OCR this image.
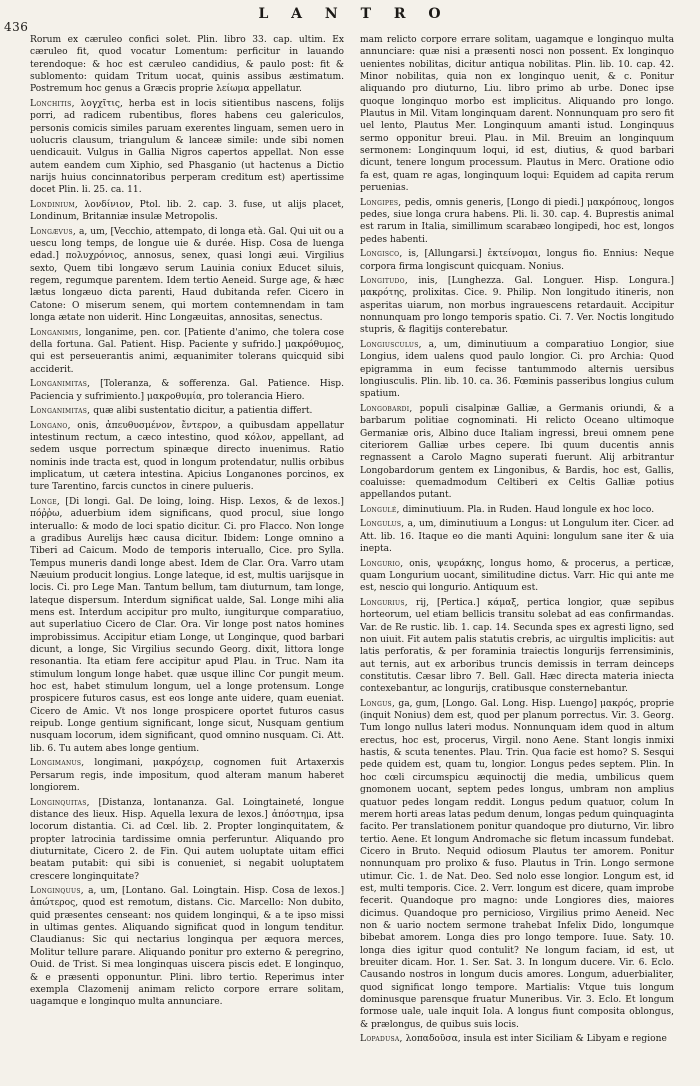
L A N T R O
436

Rorum ex cæruleo confici solet. Plin. libro 33. cap. ultim. Ex cæruleo fit, quod vocatur Lomentum: perficitur in lauando terendoque: & hoc est cæruleo candidius, & paulo post: fit & sublomento: quidam Tritum uocat, quinis assibus æstimatum. Postremum hoc genus a Græcis proprie λείωμα appellatur.

Lonchitis, λογχῖτις, herba est in locis sitientibus nascens, folijs porri, ad radicem rubentibus, flores habens ceu galericulos, personis comicis similes paruam exerentes linguam, semen uero in uolucris clausum, triangulum & lanceæ simile: unde sibi nomen uendicauit. Vulgus in Gallia Nigros capertos appellat. Non esse autem eandem cum Xiphio, sed Phasganio (ut hactenus a Dictio narijs huius concinnatoribus perperam creditum est) apertissime docet Plin. li. 25. ca. 11.

Londinium, λονδίνιον, Ptol. lib. 2. cap. 3. fuse, ut alijs placet, Londinum, Britanniæ insulæ Metropolis.

Longævus, a, um, [Vecchio, attempato, di longa età. Gal. Qui uit ou a uescu long temps, de longue uie & durée. Hisp. Cosa de luenga edad.] πολυχρόνιος, annosus, senex, quasi longi æui. Virgilius sexto, Quem tibi longævo serum Lauinia coniux Educet siluis, regem, regumque parentem. Idem tertio Aeneid. Surge age, & hæc lætus longæuo dicta parenti, Haud dubitanda refer. Cicero in Catone: O miserum senem, qui mortem contemnendam in tam longa ætate non uiderit. Hinc Longæuitas, annositas, senectus.

Longanimis, longanime, pen. cor. [Patiente d'animo, che tolera cose della fortuna. Gal. Patient. Hisp. Paciente y sufrido.] μακρόθυμος, qui est perseuerantis animi, æquanimiter tolerans quicquid sibi acciderit.

Longanimitas, [Toleranza, & sofferenza. Gal. Patience. Hisp. Paciencia y sufrimiento.] μακροθυμία, pro tolerancia Hiero.

Longanimitas, quæ alibi sustentatio dicitur, a patientia differt.

Longano, onis, ἀπευθυσμένον, ἔντερον, a quibusdam appellatur intestinum rectum, a cæco intestino, quod κόλον, appellant, ad sedem usque porrectum spinæque directo inuenimus. Ratio nominis inde tracta est, quod in longum protendatur, nullis orbibus implicatum, ut cætera intestina. Apicius Longanones porcinos, ex ture Tarentino, farcis cunctos in cinere pulueris.

Longe, [Di longi. Gal. De loing, loing. Hisp. Lexos, & de lexos.] πόῤῥω, aduerbium idem significans, quod procul, siue longo interuallo: & modo de loci spatio dicitur. Ci. pro Flacco. Non longe a gradibus Aurelijs hæc causa dicitur. Ibidem: Longe omnino a Tiberi ad Caicum. Modo de temporis interuallo, Cice. pro Sylla. Tempus muneris dandi longe abest. Idem de Clar. Ora. Varro utam Næuium producit longius. Longe lateque, id est, multis uarijsque in locis. Ci. pro Lege Man. Tantum bellum, tam diuturnum, tam longe, lateque dispersum. Interdum significat ualde, Sal. Longe mihi alia mens est. Interdum accipitur pro multo, iungiturque comparatiuo, aut superlatiuo Cicero de Clar. Ora. Vir longe post natos homines improbissimus. Accipitur etiam Longe, ut Longinque, quod barbari dicunt, a longe, Sic Virgilius secundo Georg. dixit, littora longe resonantia. Ita etiam fere accipitur apud Plau. in Truc. Nam ita stimulum longum longe habet. quæ usque illinc Cor pungit meum. hoc est, habet stimulum longum, uel a longe protensum. Longe prospicere futuros casus, est eos longe ante uidere, quam eueniat. Cicero de Amic. Vt nos longe prospicere oportet futuros casus reipub. Longe gentium significant, longe sicut, Nusquam gentium nusquam locorum, idem significant, quod omnino nusquam. Ci. Att. lib. 6. Tu autem abes longe gentium.

Longimanus, longimani, μακρόχειρ, cognomen fuit Artaxerxis Persarum regis, inde impositum, quod alteram manum haberet longiorem.

Longinquitas, [Distanza, lontananza. Gal. Loingtaineté, longue distance des lieux. Hisp. Aquella lexura de lexos.] ἀπόστημα, ipsa locorum distantia. Ci. ad Cœl. lib. 2. Propter longinquitatem, & propter latrocinia tardissime omnia perferuntur. Aliquando pro diuturnitate, Cicero 2. de Fin. Qui autem uoluptate uitam effici beatam putabit: qui sibi is conueniet, si negabit uoluptatem crescere longinquitate?

Longinquus, a, um, [Lontano. Gal. Loingtain. Hisp. Cosa de lexos.] ἀπώτερος, quod est remotum, distans. Cic. Marcello: Non dubito, quid præsentes censeant: nos quidem longinqui, & a te ipso missi in ultimas gentes. Aliquando significat quod in longum tenditur. Claudianus: Sic qui nectarius longinqua per æquora merces, Molitur tellure parare. Aliquando ponitur pro externo & peregrino, Ouid. de Trist. Si mea longinquas uiscera piscis edet. E longinquo, & e præsenti opponuntur. Plini. libro tertio. Reperimus inter exempla Clazomenij animam relicto corpore errare solitam, uagamque e longinquo multa annunciare.

mam relicto corpore errare solitam, uagamque e longinquo multa annunciare: quæ nisi a præsenti nosci non possent. Ex longinquo uenientes nobilitas, dicitur antiqua nobilitas. Plin. lib. 10. cap. 42. Minor nobilitas, quia non ex longinquo uenit, & c. Ponitur aliquando pro diuturno, Liu. libro primo ab urbe. Donec ipse quoque longinquo morbo est implicitus. Aliquando pro longo. Plautus in Mil. Vitam longinquam darent. Nonnunquam pro sero fit uel lento, Plautus Mer. Longinquum amanti istud. Longinquus sermo opponitur breui. Plau. in Mil. Breuim an longinquum sermonem: Longinquum loqui, id est, diutius, & quod barbari dicunt, tenere longum processum. Plautus in Merc. Oratione odio fa est, quam re agas, longinquum loqui: Equidem ad capita rerum peruenias.

Longipes, pedis, omnis generis, [Longo di piedi.] μακρόπους, longos pedes, siue longa crura habens. Pli. li. 30. cap. 4. Buprestis animal est rarum in Italia, simillimum scarabæo longipedi, hoc est, longos pedes habenti.

Longisco, is, [Allungarsi.] ἐκτείνομαι, longus fio. Ennius: Neque corpora firma longiscunt quicquam. Nonius.

Longitudo, inis, [Lunghezza. Gal. Longuer. Hisp. Longura.] μακρότης, prolixitas. Cice. 9. Philip. Non longitudo itineris, non asperitas uiarum, non morbus ingrauescens retardauit. Accipitur nonnunquam pro longo temporis spatio. Ci. 7. Ver. Noctis longitudo stupris, & flagitijs conterebatur.

Longiusculus, a, um, diminutiuum a comparatiuo Longior, siue Longius, idem ualens quod paulo longior. Ci. pro Archia: Quod epigramma in eum fecisse tantummodo alternis uersibus longiusculis. Plin. lib. 10. ca. 36. Fœminis passeribus longius culum spatium.

Longobardi, populi cisalpinæ Galliæ, a Germanis oriundi, & a barbarum politiae cognominati. Hi relicto Oceano ultimoque Germaniæ oris, Albino duce Italiam ingressi, breui omnem pene citeriorem Galliæ urbes cepere. Ibi quum ducentis annis regnassent a Carolo Magno superati fuerunt. Alij arbitrantur Longobardorum gentem ex Lingonibus, & Bardis, hoc est, Gallis, coaluisse: quemadmodum Celtiberi ex Celtis Galliæ potius appellandos putant.

Longulé, diminutiuum. Pla. in Ruden. Haud longule ex hoc loco.

Longulus, a, um, diminutiuum a Longus: ut Longulum iter. Cicer. ad Att. lib. 16. Itaque eo die manti Aquini: longulum sane iter & uia inepta.

Longurio, onis, ψευράκης, longus homo, & procerus, a perticæ, quam Longurium uocant, similitudine dictus. Varr. Hic qui ante me est, nescio qui longurio. Antiquum est.

Longurius, rij, [Pertica.] κάμαξ, pertica longior, quæ sepibus horteorum, uel etiam bellicis transitu solebat ad eas confirmandas. Var. de Re rustic. lib. 1. cap. 14. Secunda spes ex agresti ligno, sed non uiuit. Fit autem palis statutis crebris, ac uirgultis implicitis: aut latis perforatis, & per foraminia traiectis longurijs ferrensiminis, aut ternis, aut ex arboribus truncis demissis in terram deinceps constitutis. Cæsar libro 7. Bell. Gall. Hæc directa materia iniecta contexebantur, ac longurijs, cratibusque consternebantur.

Longus, ga, gum, [Longo. Gal. Long. Hisp. Luengo] μακρός, proprie (inquit Nonius) dem est, quod per planum porrectus. Vir. 3. Georg. Tum longo nullus lateri modus. Nonnunquam idem quod in altum erectus, hoc est, procerus, Virgil. nono Aene. Stant longis inmixi hastis, & scuta tenentes. Plau. Trin. Qua facie est homo? S. Sesqui pede quidem est, quam tu, longior. Longus pedes septem. Plin. In hoc cœli circumspicu æquinoctij die media, umbilicus quem gnomonem uocant, septem pedes longus, umbram non amplius quatuor pedes longam reddit. Longus pedum quatuor, colum In merem horti areas latas pedum denum, longas pedum quinquaginta facito. Per translationem ponitur quandoque pro diuturno, Vir. libro tertio. Aene. Et longum Andromache sic fletum incassum fundebat. Cicero in Bruto. Nequid odiosum Plautus ter amorem. Ponitur nonnunquam pro prolixo & fuso. Plautus in Trin. Longo sermone utimur. Cic. 1. de Nat. Deo. Sed nolo esse longior. Longum est, id est, multi temporis. Cice. 2. Verr. longum est dicere, quam improbe fecerit. Quandoque pro magno: unde Longiores dies, maiores dicimus. Quandoque pro pernicioso, Virgilius primo Aeneid. Nec non & uario noctem sermone trahebat Infelix Dido, longumque bibebat amorem. Longa dies pro longo tempore. Iuue. Saty. 10. longa dies igitur quod contulit? Ne longum faciam, id est, ut breuiter dicam. Hor. 1. Ser. Sat. 3. In longum ducere. Vir. 6. Eclo. Causando nostros in longum ducis amores. Longum, aduerbialiter, quod significat longo tempore. Martialis: Vtque tuis longum dominusque parensque fruatur Muneribus. Vir. 3. Eclo. Et longum formose uale, uale inquit Iola. A longus fiunt composita oblongus, & prælongus, de quibus suis locis.

Lopadusa, λοπαδοῦσα, insula est inter Siciliam & Libyam e regione
